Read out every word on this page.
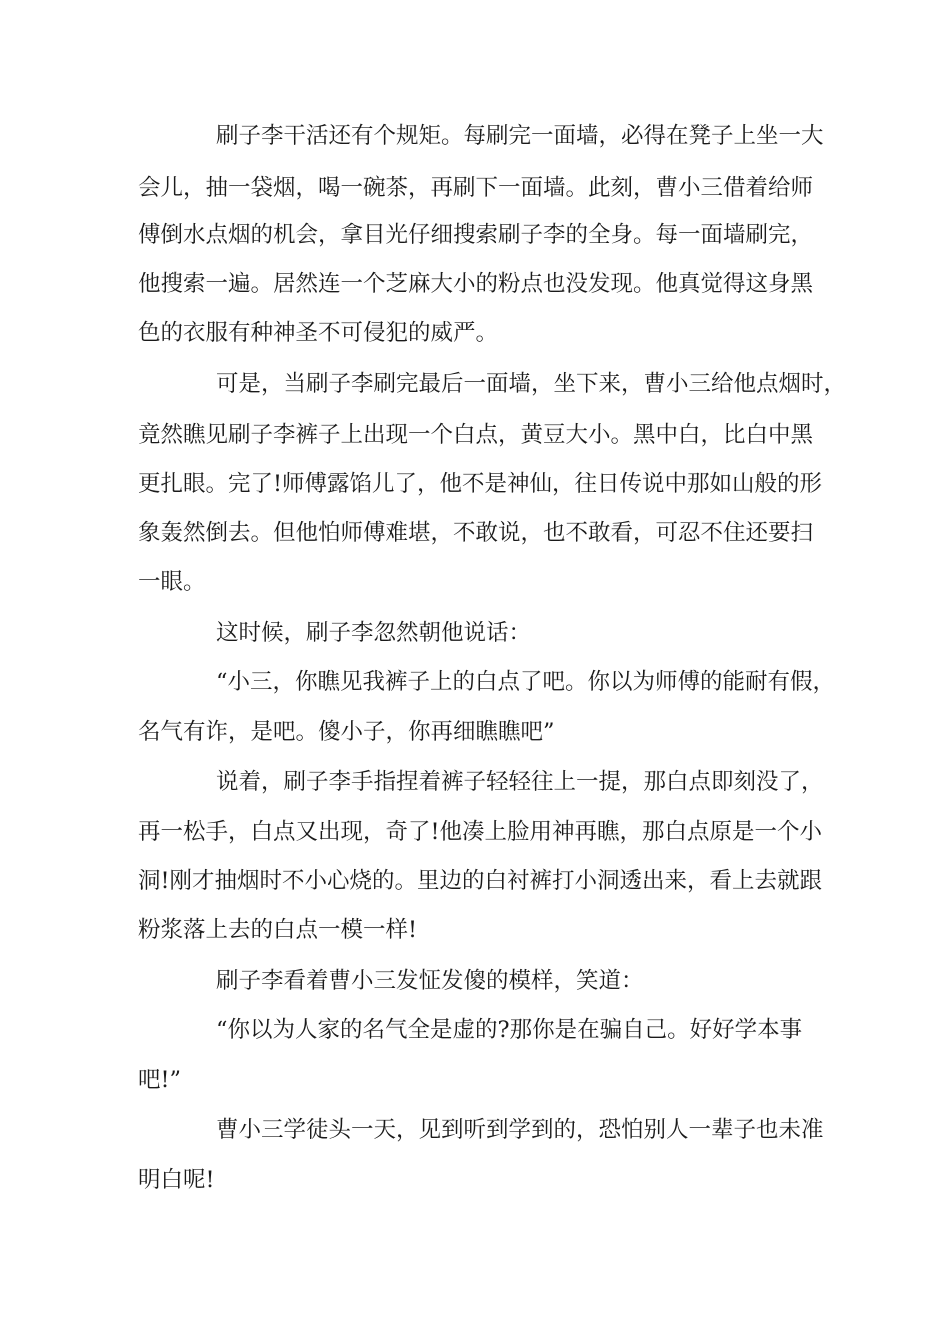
刷子李干活还有个规矩。每刷完一面墙，必得在凳子上坐一大

会儿，抽一袋烟，喝一碗茶，再刷下一面墙。此刻，曹小三借着给师

傅倒水点烟的机会，拿目光仔细搜索刷子李的全身。每一面墙刷完，

他搜索一遍。居然连一个芝麻大小的粉点也没发现。他真觉得这身黑

色的衣服有种神圣不可侵犯的威严。

可是，当刷子李刷完最后一面墙，坐下来，曹小三给他点烟时，

竟然瞧见刷子李裤子上出现一个白点，黄豆大小。黑中白，比白中黑

更扎眼。完了!师傅露馅儿了，他不是神仙，往日传说中那如山般的形

象轰然倒去。但他怕师傅难堪，不敢说，也不敢看，可忍不住还要扫

一眼。

这时候，刷子李忽然朝他说话：

“小三，你瞧见我裤子上的白点了吧。你以为师傅的能耐有假，

名气有诈，是吧。傻小子，你再细瞧瞧吧”

说着，刷子李手指捏着裤子轻轻往上一提，那白点即刻没了，

再一松手，白点又出现，奇了!他凑上脸用神再瞧，那白点原是一个小

洞!刚才抽烟时不小心烧的。里边的白衬裤打小洞透出来，看上去就跟

粉浆落上去的白点一模一样!

刷子李看着曹小三发怔发傻的模样，笑道：

“你以为人家的名气全是虚的?那你是在骗自己。好好学本事

吧!”

曹小三学徒头一天，见到听到学到的，恐怕别人一辈子也未准

明白呢!
